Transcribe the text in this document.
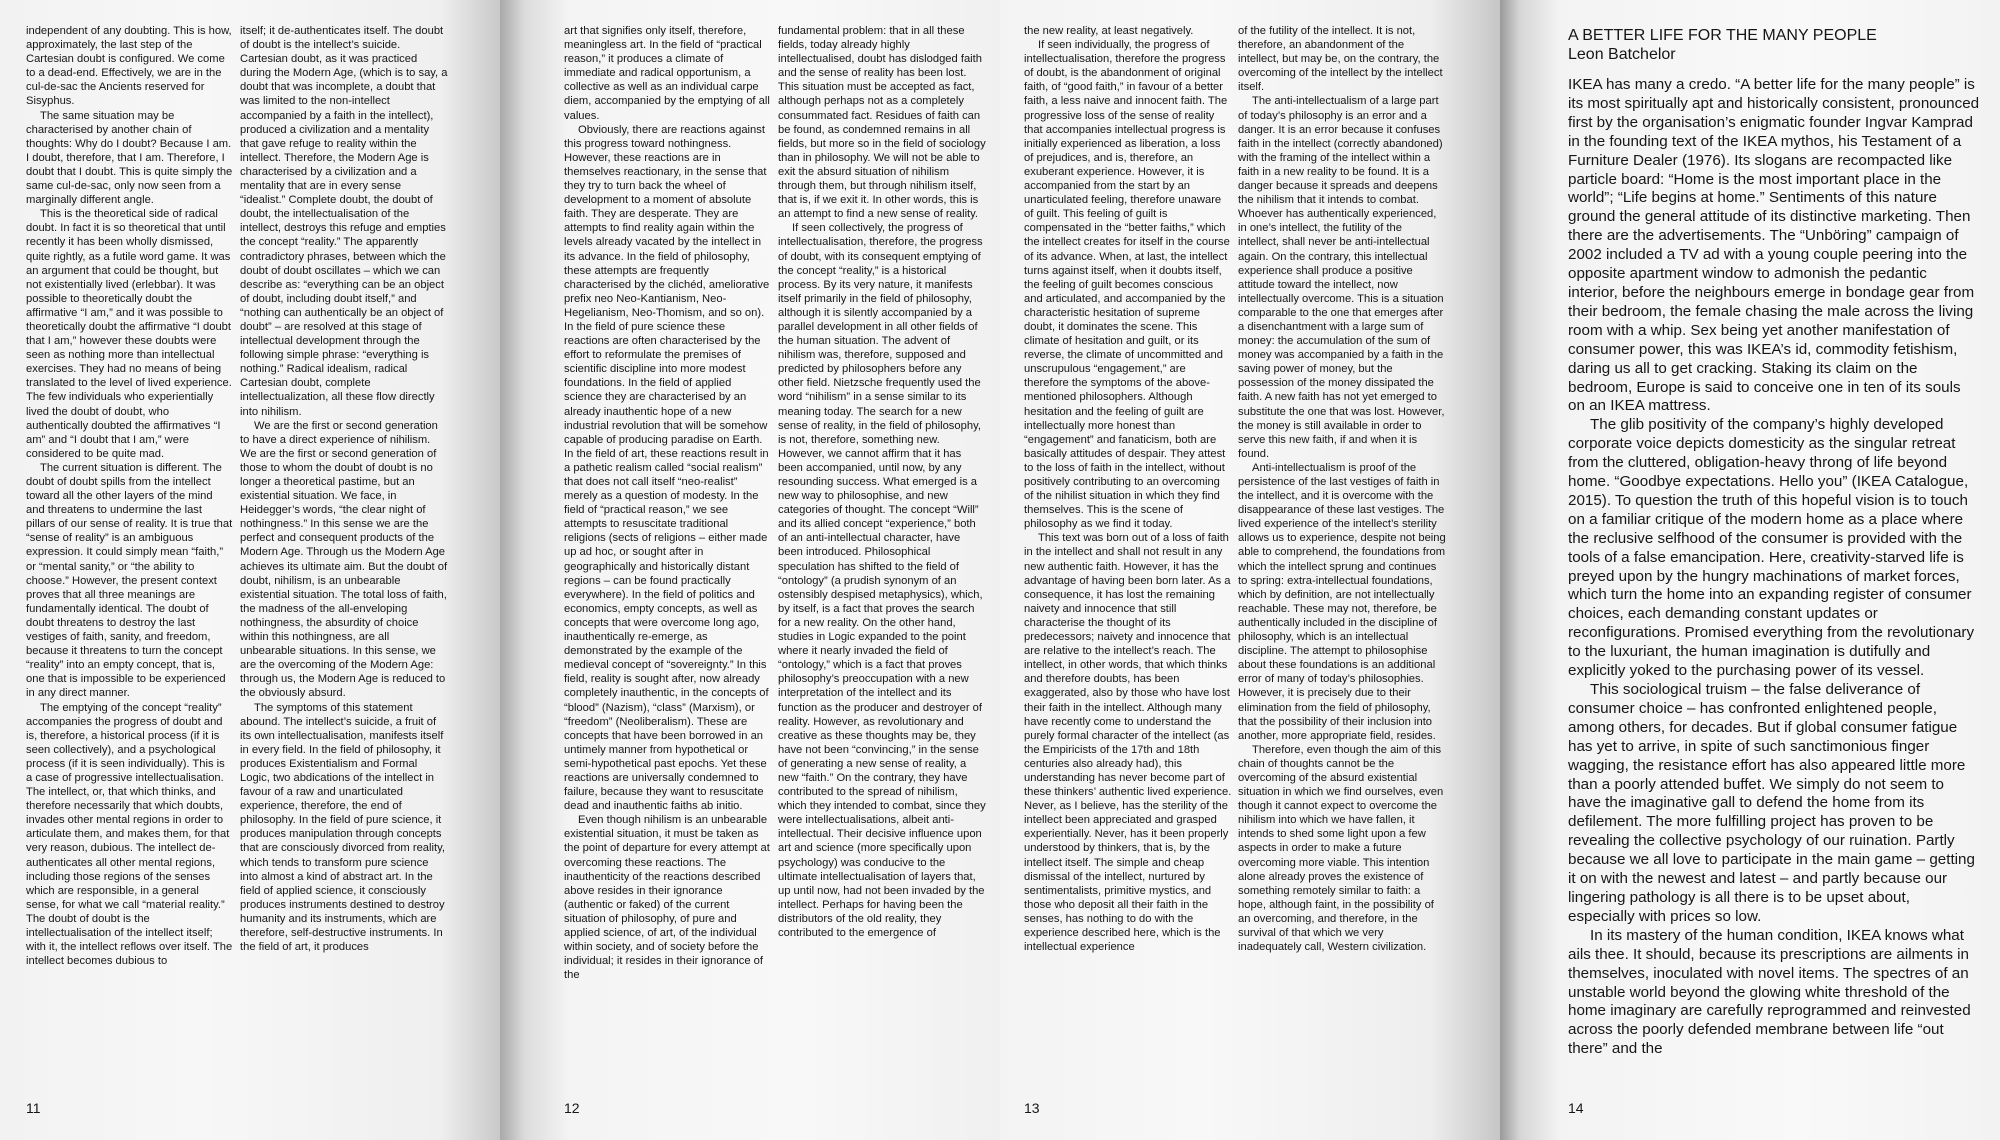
independent of any doubting. This is how, approximately, the last step of the Cartesian doubt is configured. We come to a dead-end. Effectively, we are in the cul-de-sac the Ancients reserved for Sisyphus.

The same situation may be characterised by another chain of thoughts: Why do I doubt? Because I am. I doubt, therefore, that I am. Therefore, I doubt that I doubt. This is quite simply the same cul-de-sac, only now seen from a marginally different angle.

This is the theoretical side of radical doubt. In fact it is so theoretical that until recently it has been wholly dismissed, quite rightly, as a futile word game. It was an argument that could be thought, but not existentially lived (erlebbar). It was possible to theoretically doubt the affirmative “I am,” and it was possible to theoretically doubt the affirmative “I doubt that I am,” however these doubts were seen as nothing more than intellectual exercises. They had no means of being translated to the level of lived experience. The few individuals who experientially lived the doubt of doubt, who authentically doubted the affirmatives “I am” and “I doubt that I am,” were considered to be quite mad.

The current situation is different. The doubt of doubt spills from the intellect toward all the other layers of the mind and threatens to undermine the last pillars of our sense of reality. It is true that “sense of reality” is an ambiguous expression. It could simply mean “faith,” or “mental sanity,” or “the ability to choose.” However, the present context proves that all three meanings are fundamentally identical. The doubt of doubt threatens to destroy the last vestiges of faith, sanity, and freedom, because it threatens to turn the concept “reality” into an empty concept, that is, one that is impossible to be experienced in any direct manner.

The emptying of the concept “reality” accompanies the progress of doubt and is, therefore, a historical process (if it is seen collectively), and a psychological process (if it is seen individually). This is a case of progressive intellectualisation. The intellect, or, that which thinks, and therefore necessarily that which doubts, invades other mental regions in order to articulate them, and makes them, for that very reason, dubious. The intellect de-authenticates all other mental regions, including those regions of the senses which are responsible, in a general sense, for what we call “material reality.” The doubt of doubt is the intellectualisation of the intellect itself; with it, the intellect reflows over itself. The intellect becomes dubious to

itself; it de-authenticates itself. The doubt of doubt is the intellect’s suicide. Cartesian doubt, as it was practiced during the Modern Age, (which is to say, a doubt that was incomplete, a doubt that was limited to the non-intellect accompanied by a faith in the intellect), produced a civilization and a mentality that gave refuge to reality within the intellect. Therefore, the Modern Age is characterised by a civilization and a mentality that are in every sense “idealist.” Complete doubt, the doubt of doubt, the intellectualisation of the intellect, destroys this refuge and empties the concept “reality.” The apparently contradictory phrases, between which the doubt of doubt oscillates – which we can describe as: “everything can be an object of doubt, including doubt itself,” and “nothing can authentically be an object of doubt” – are resolved at this stage of intellectual development through the following simple phrase: “everything is nothing.” Radical idealism, radical Cartesian doubt, complete intellectualization, all these flow directly into nihilism.

We are the first or second generation to have a direct experience of nihilism. We are the first or second generation of those to whom the doubt of doubt is no longer a theoretical pastime, but an existential situation. We face, in Heidegger’s words, “the clear night of nothingness.” In this sense we are the perfect and consequent products of the Modern Age. Through us the Modern Age achieves its ultimate aim. But the doubt of doubt, nihilism, is an unbearable existential situation. The total loss of faith, the madness of the all-enveloping nothingness, the absurdity of choice within this nothingness, are all unbearable situations. In this sense, we are the overcoming of the Modern Age: through us, the Modern Age is reduced to the obviously absurd.

The symptoms of this statement abound. The intellect’s suicide, a fruit of its own intellectualisation, manifests itself in every field. In the field of philosophy, it produces Existentialism and Formal Logic, two abdications of the intellect in favour of a raw and unarticulated experience, therefore, the end of philosophy. In the field of pure science, it produces manipulation through concepts that are consciously divorced from reality, which tends to transform pure science into almost a kind of abstract art. In the field of applied science, it consciously produces instruments destined to destroy humanity and its instruments, which are therefore, self-destructive instruments. In the field of art, it produces

11

art that signifies only itself, therefore, meaningless art. In the field of “practical reason,” it produces a climate of immediate and radical opportunism, a collective as well as an individual carpe diem, accompanied by the emptying of all values.

Obviously, there are reactions against this progress toward nothingness. However, these reactions are in themselves reactionary, in the sense that they try to turn back the wheel of development to a moment of absolute faith. They are desperate. They are attempts to find reality again within the levels already vacated by the intellect in its advance. In the field of philosophy, these attempts are frequently characterised by the clichéd, ameliorative prefix neo Neo-Kantianism, Neo-Hegelianism, Neo-Thomism, and so on). In the field of pure science these reactions are often characterised by the effort to reformulate the premises of scientific discipline into more modest foundations. In the field of applied science they are characterised by an already inauthentic hope of a new industrial revolution that will be somehow capable of producing paradise on Earth. In the field of art, these reactions result in a pathetic realism called “social realism” that does not call itself “neo-realist” merely as a question of modesty. In the field of “practical reason,” we see attempts to resuscitate traditional religions (sects of religions – either made up ad hoc, or sought after in geographically and historically distant regions – can be found practically everywhere). In the field of politics and economics, empty concepts, as well as concepts that were overcome long ago, inauthentically re-emerge, as demonstrated by the example of the medieval concept of “sovereignty.” In this field, reality is sought after, now already completely inauthentic, in the concepts of “blood” (Nazism), “class” (Marxism), or “freedom” (Neoliberalism). These are concepts that have been borrowed in an untimely manner from hypothetical or semi-hypothetical past epochs. Yet these reactions are universally condemned to failure, because they want to resuscitate dead and inauthentic faiths ab initio.

Even though nihilism is an unbearable existential situation, it must be taken as the point of departure for every attempt at overcoming these reactions. The inauthenticity of the reactions described above resides in their ignorance (authentic or faked) of the current situation of philosophy, of pure and applied science, of art, of the individual within society, and of society before the individual; it resides in their ignorance of the

fundamental problem: that in all these fields, today already highly intellectualised, doubt has dislodged faith and the sense of reality has been lost. This situation must be accepted as fact, although perhaps not as a completely consummated fact. Residues of faith can be found, as condemned remains in all fields, but more so in the field of sociology than in philosophy. We will not be able to exit the absurd situation of nihilism through them, but through nihilism itself, that is, if we exit it. In other words, this is an attempt to find a new sense of reality.

If seen collectively, the progress of intellectualisation, therefore, the progress of doubt, with its consequent emptying of the concept “reality,” is a historical process. By its very nature, it manifests itself primarily in the field of philosophy, although it is silently accompanied by a parallel development in all other fields of the human situation. The advent of nihilism was, therefore, supposed and predicted by philosophers before any other field. Nietzsche frequently used the word “nihilism” in a sense similar to its meaning today. The search for a new sense of reality, in the field of philosophy, is not, therefore, something new. However, we cannot affirm that it has been accompanied, until now, by any resounding success. What emerged is a new way to philosophise, and new categories of thought. The concept “Will” and its allied concept “experience,” both of an anti-intellectual character, have been introduced. Philosophical speculation has shifted to the field of “ontology” (a prudish synonym of an ostensibly despised metaphysics), which, by itself, is a fact that proves the search for a new reality. On the other hand, studies in Logic expanded to the point where it nearly invaded the field of “ontology,” which is a fact that proves philosophy’s preoccupation with a new interpretation of the intellect and its function as the producer and destroyer of reality. However, as revolutionary and creative as these thoughts may be, they have not been “convincing,” in the sense of generating a new sense of reality, a new “faith.” On the contrary, they have contributed to the spread of nihilism, which they intended to combat, since they were intellectualisations, albeit anti-intellectual. Their decisive influence upon art and science (more specifically upon psychology) was conducive to the ultimate intellectualisation of layers that, up until now, had not been invaded by the intellect. Perhaps for having been the distributors of the old reality, they contributed to the emergence of

12

the new reality, at least negatively.

If seen individually, the progress of intellectualisation, therefore the progress of doubt, is the abandonment of original faith, of “good faith,” in favour of a better faith, a less naive and innocent faith. The progressive loss of the sense of reality that accompanies intellectual progress is initially experienced as liberation, a loss of prejudices, and is, therefore, an exuberant experience. However, it is accompanied from the start by an unarticulated feeling, therefore unaware of guilt. This feeling of guilt is compensated in the “better faiths,” which the intellect creates for itself in the course of its advance. When, at last, the intellect turns against itself, when it doubts itself, the feeling of guilt becomes conscious and articulated, and accompanied by the characteristic hesitation of supreme doubt, it dominates the scene. This climate of hesitation and guilt, or its reverse, the climate of uncommitted and unscrupulous “engagement,” are therefore the symptoms of the above-mentioned philosophers. Although hesitation and the feeling of guilt are intellectually more honest than “engagement” and fanaticism, both are basically attitudes of despair. They attest to the loss of faith in the intellect, without positively contributing to an overcoming of the nihilist situation in which they find themselves. This is the scene of philosophy as we find it today.

This text was born out of a loss of faith in the intellect and shall not result in any new authentic faith. However, it has the advantage of having been born later. As a consequence, it has lost the remaining naivety and innocence that still characterise the thought of its predecessors; naivety and innocence that are relative to the intellect’s reach. The intellect, in other words, that which thinks and therefore doubts, has been exaggerated, also by those who have lost their faith in the intellect. Although many have recently come to understand the purely formal character of the intellect (as the Empiricists of the 17th and 18th centuries also already had), this understanding has never become part of these thinkers’ authentic lived experience. Never, as I believe, has the sterility of the intellect been appreciated and grasped experientially. Never, has it been properly understood by thinkers, that is, by the intellect itself. The simple and cheap dismissal of the intellect, nurtured by sentimentalists, primitive mystics, and those who deposit all their faith in the senses, has nothing to do with the experience described here, which is the intellectual experience

of the futility of the intellect. It is not, therefore, an abandonment of the intellect, but may be, on the contrary, the overcoming of the intellect by the intellect itself.

The anti-intellectualism of a large part of today’s philosophy is an error and a danger. It is an error because it confuses faith in the intellect (correctly abandoned) with the framing of the intellect within a faith in a new reality to be found. It is a danger because it spreads and deepens the nihilism that it intends to combat. Whoever has authentically experienced, in one’s intellect, the futility of the intellect, shall never be anti-intellectual again. On the contrary, this intellectual experience shall produce a positive attitude toward the intellect, now intellectually overcome. This is a situation comparable to the one that emerges after a disenchantment with a large sum of money: the accumulation of the sum of money was accompanied by a faith in the saving power of money, but the possession of the money dissipated the faith. A new faith has not yet emerged to substitute the one that was lost. However, the money is still available in order to serve this new faith, if and when it is found.

Anti-intellectualism is proof of the persistence of the last vestiges of faith in the intellect, and it is overcome with the disappearance of these last vestiges. The lived experience of the intellect’s sterility allows us to experience, despite not being able to comprehend, the foundations from which the intellect sprung and continues to spring: extra-intellectual foundations, which by definition, are not intellectually reachable. These may not, therefore, be authentically included in the discipline of philosophy, which is an intellectual discipline. The attempt to philosophise about these foundations is an additional error of many of today’s philosophies. However, it is precisely due to their elimination from the field of philosophy, that the possibility of their inclusion into another, more appropriate field, resides.

Therefore, even though the aim of this chain of thoughts cannot be the overcoming of the absurd existential situation in which we find ourselves, even though it cannot expect to overcome the nihilism into which we have fallen, it intends to shed some light upon a few aspects in order to make a future overcoming more viable. This intention alone already proves the existence of something remotely similar to faith: a hope, although faint, in the possibility of an overcoming, and therefore, in the survival of that which we very inadequately call, Western civilization.

13
A BETTER LIFE FOR THE MANY PEOPLE
Leon Batchelor

IKEA has many a credo. “A better life for the many people” is its most spiritually apt and historically consistent, pronounced first by the organisation’s enigmatic founder Ingvar Kamprad in the founding text of the IKEA mythos, his Testament of a Furniture Dealer (1976). Its slogans are recompacted like particle board: “Home is the most important place in the world”; “Life begins at home.” Sentiments of this nature ground the general attitude of its distinctive marketing. Then there are the advertisements. The “Unböring” campaign of 2002 included a TV ad with a young couple peering into the opposite apartment window to admonish the pedantic interior, before the neighbours emerge in bondage gear from their bedroom, the female chasing the male across the living room with a whip. Sex being yet another manifestation of consumer power, this was IKEA’s id, commodity fetishism, daring us all to get cracking. Staking its claim on the bedroom, Europe is said to conceive one in ten of its souls on an IKEA mattress.

The glib positivity of the company’s highly developed corporate voice depicts domesticity as the singular retreat from the cluttered, obligation-heavy throng of life beyond home. “Goodbye expectations. Hello you” (IKEA Catalogue, 2015). To question the truth of this hopeful vision is to touch on a familiar critique of the modern home as a place where the reclusive selfhood of the consumer is provided with the tools of a false emancipation. Here, creativity-starved life is preyed upon by the hungry machinations of market forces, which turn the home into an expanding register of consumer choices, each demanding constant updates or reconfigurations. Promised everything from the revolutionary to the luxuriant, the human imagination is dutifully and explicitly yoked to the purchasing power of its vessel.

This sociological truism – the false deliverance of consumer choice – has confronted enlightened people, among others, for decades. But if global consumer fatigue has yet to arrive, in spite of such sanctimonious finger wagging, the resistance effort has also appeared little more than a poorly attended buffet. We simply do not seem to have the imaginative gall to defend the home from its defilement. The more fulfilling project has proven to be revealing the collective psychology of our ruination. Partly because we all love to participate in the main game – getting it on with the newest and latest – and partly because our lingering pathology is all there is to be upset about, especially with prices so low.

In its mastery of the human condition, IKEA knows what ails thee. It should, because its prescriptions are ailments in themselves, inoculated with novel items. The spectres of an unstable world beyond the glowing white threshold of the home imaginary are carefully reprogrammed and reinvested across the poorly defended membrane between life “out there” and the

14
